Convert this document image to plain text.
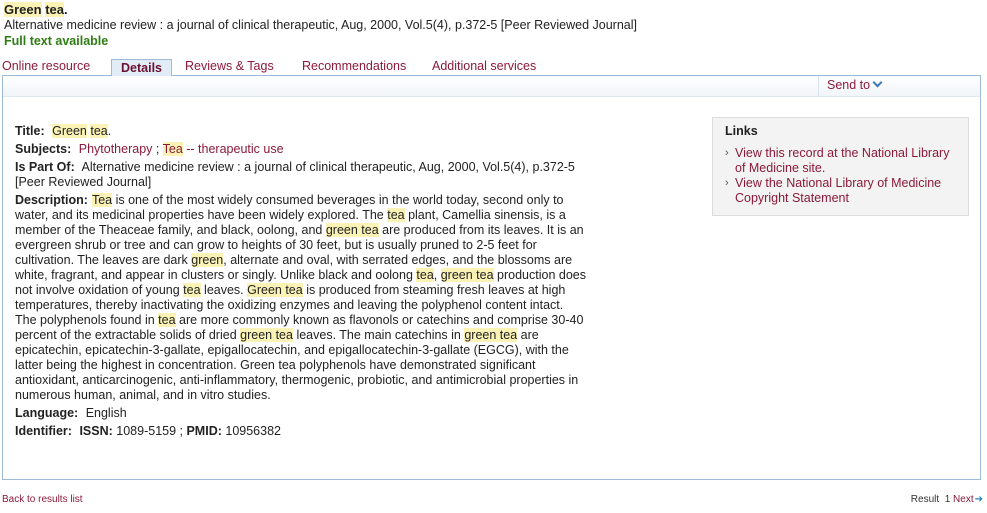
Green tea.
Alternative medicine review : a journal of clinical therapeutic, Aug, 2000, Vol.5(4), p.372-5 [Peer Reviewed Journal]
Full text available
Online resource	Details	Reviews & Tags Recommendations Additional services
Send to
Title: Green tea.
Subjects: Phytotherapy ; Tea -- therapeutic use
Is Part Of: Alternative medicine review : a journal of clinical therapeutic, Aug, 2000, Vol.5(4), p.372-5 [Peer Reviewed Journal]
Description: Tea is one of the most widely consumed beverages in the world today, second only to water, and its medicinal properties have been widely explored. The tea plant, Camellia sinensis, is a member of the Theaceae family, and black, oolong, and green tea are produced from its leaves. It is an evergreen shrub or tree and can grow to heights of 30 feet, but is usually pruned to 2-5 feet for cultivation. The leaves are dark green, alternate and oval, with serrated edges, and the blossoms are white, fragrant, and appear in clusters or singly. Unlike black and oolong tea, green tea production does not involve oxidation of young tea leaves. Green tea is produced from steaming fresh leaves at high temperatures, thereby inactivating the oxidizing enzymes and leaving the polyphenol content intact. The polyphenols found in tea are more commonly known as flavonols or catechins and comprise 30-40 percent of the extractable solids of dried green tea leaves. The main catechins in green tea are epicatechin, epicatechin-3-gallate, epigallocatechin, and epigallocatechin-3-gallate (EGCG), with the latter being the highest in concentration. Green tea polyphenols have demonstrated significant antioxidant, anticarcinogenic, anti-inflammatory, thermogenic, probiotic, and antimicrobial properties in numerous human, animal, and in vitro studies.
Language: English
Identifier: ISSN: 1089-5159 ; PMID: 10956382
Links
› View this record at the National Library of Medicine site.
› View the National Library of Medicine Copyright Statement
Back to results list	Result 1 Next➔
